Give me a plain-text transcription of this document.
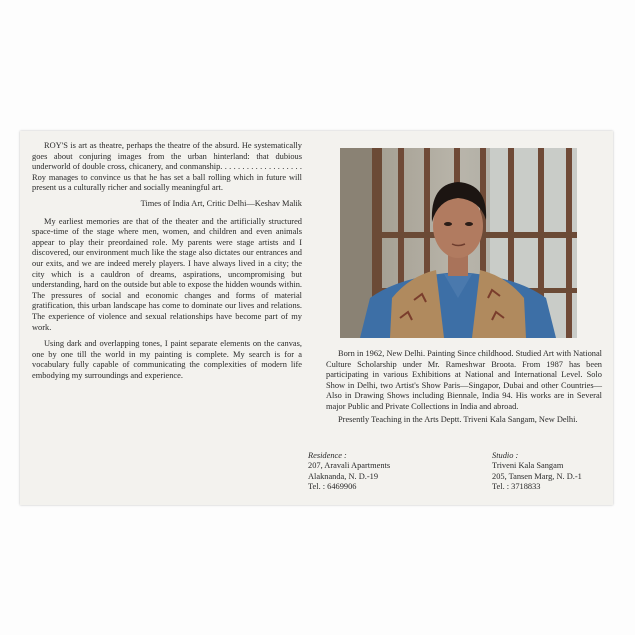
ROY'S is art as theatre, perhaps the theatre of the absurd. He systematically goes about conjuring images from the urban hinterland: that dubious underworld of double cross, chicanery, and conmanship. . . . . . . . . . . . . . . . . . . Roy manages to convince us that he has set a ball rolling which in future will present us a culturally richer and socially meaningful art.

Times of India Art, Critic Delhi—Keshav Malik

My earliest memories are that of the theater and the artificially structured space-time of the stage where men, women, and children and even animals appear to play their preordained role. My parents were stage artists and I discovered, our environment much like the stage also dictates our entrances and our exits, and we are indeed merely players. I have always lived in a city; the city which is a cauldron of dreams, aspirations, uncompromising but understanding, hard on the outside but able to expose the hidden wounds within. The pressures of social and economic changes and forms of material gratification, this urban landscape has come to dominate our lives and relations. The experience of violence and sexual relationships have become part of my work.

Using dark and overlapping tones, I paint separate elements on the canvas, one by one till the world in my painting is complete. My search is for a vocabulary fully capable of communicating the complexities of modern life embodying my surroundings and experience.

Born in 1962, New Delhi. Painting Since childhood. Studied Art with National Culture Scholarship under Mr. Rameshwar Broota. From 1987 has been participating in various Exhibitions at National and International Level. Solo Show in Delhi, two Artist's Show Paris—Singapor, Dubai and other Countries—Also in Drawing Shows including Biennale, India 94. His works are in Several major Public and Private Collections in India and abroad.

Presently Teaching in the Arts Deptt. Triveni Kala Sangam, New Delhi.

Residence :
207, Aravali Apartments
Alaknanda, N. D.-19
Tel. : 6469906
Studio :
Triveni Kala Sangam
205, Tansen Marg, N. D.-1
Tel. : 3718833
